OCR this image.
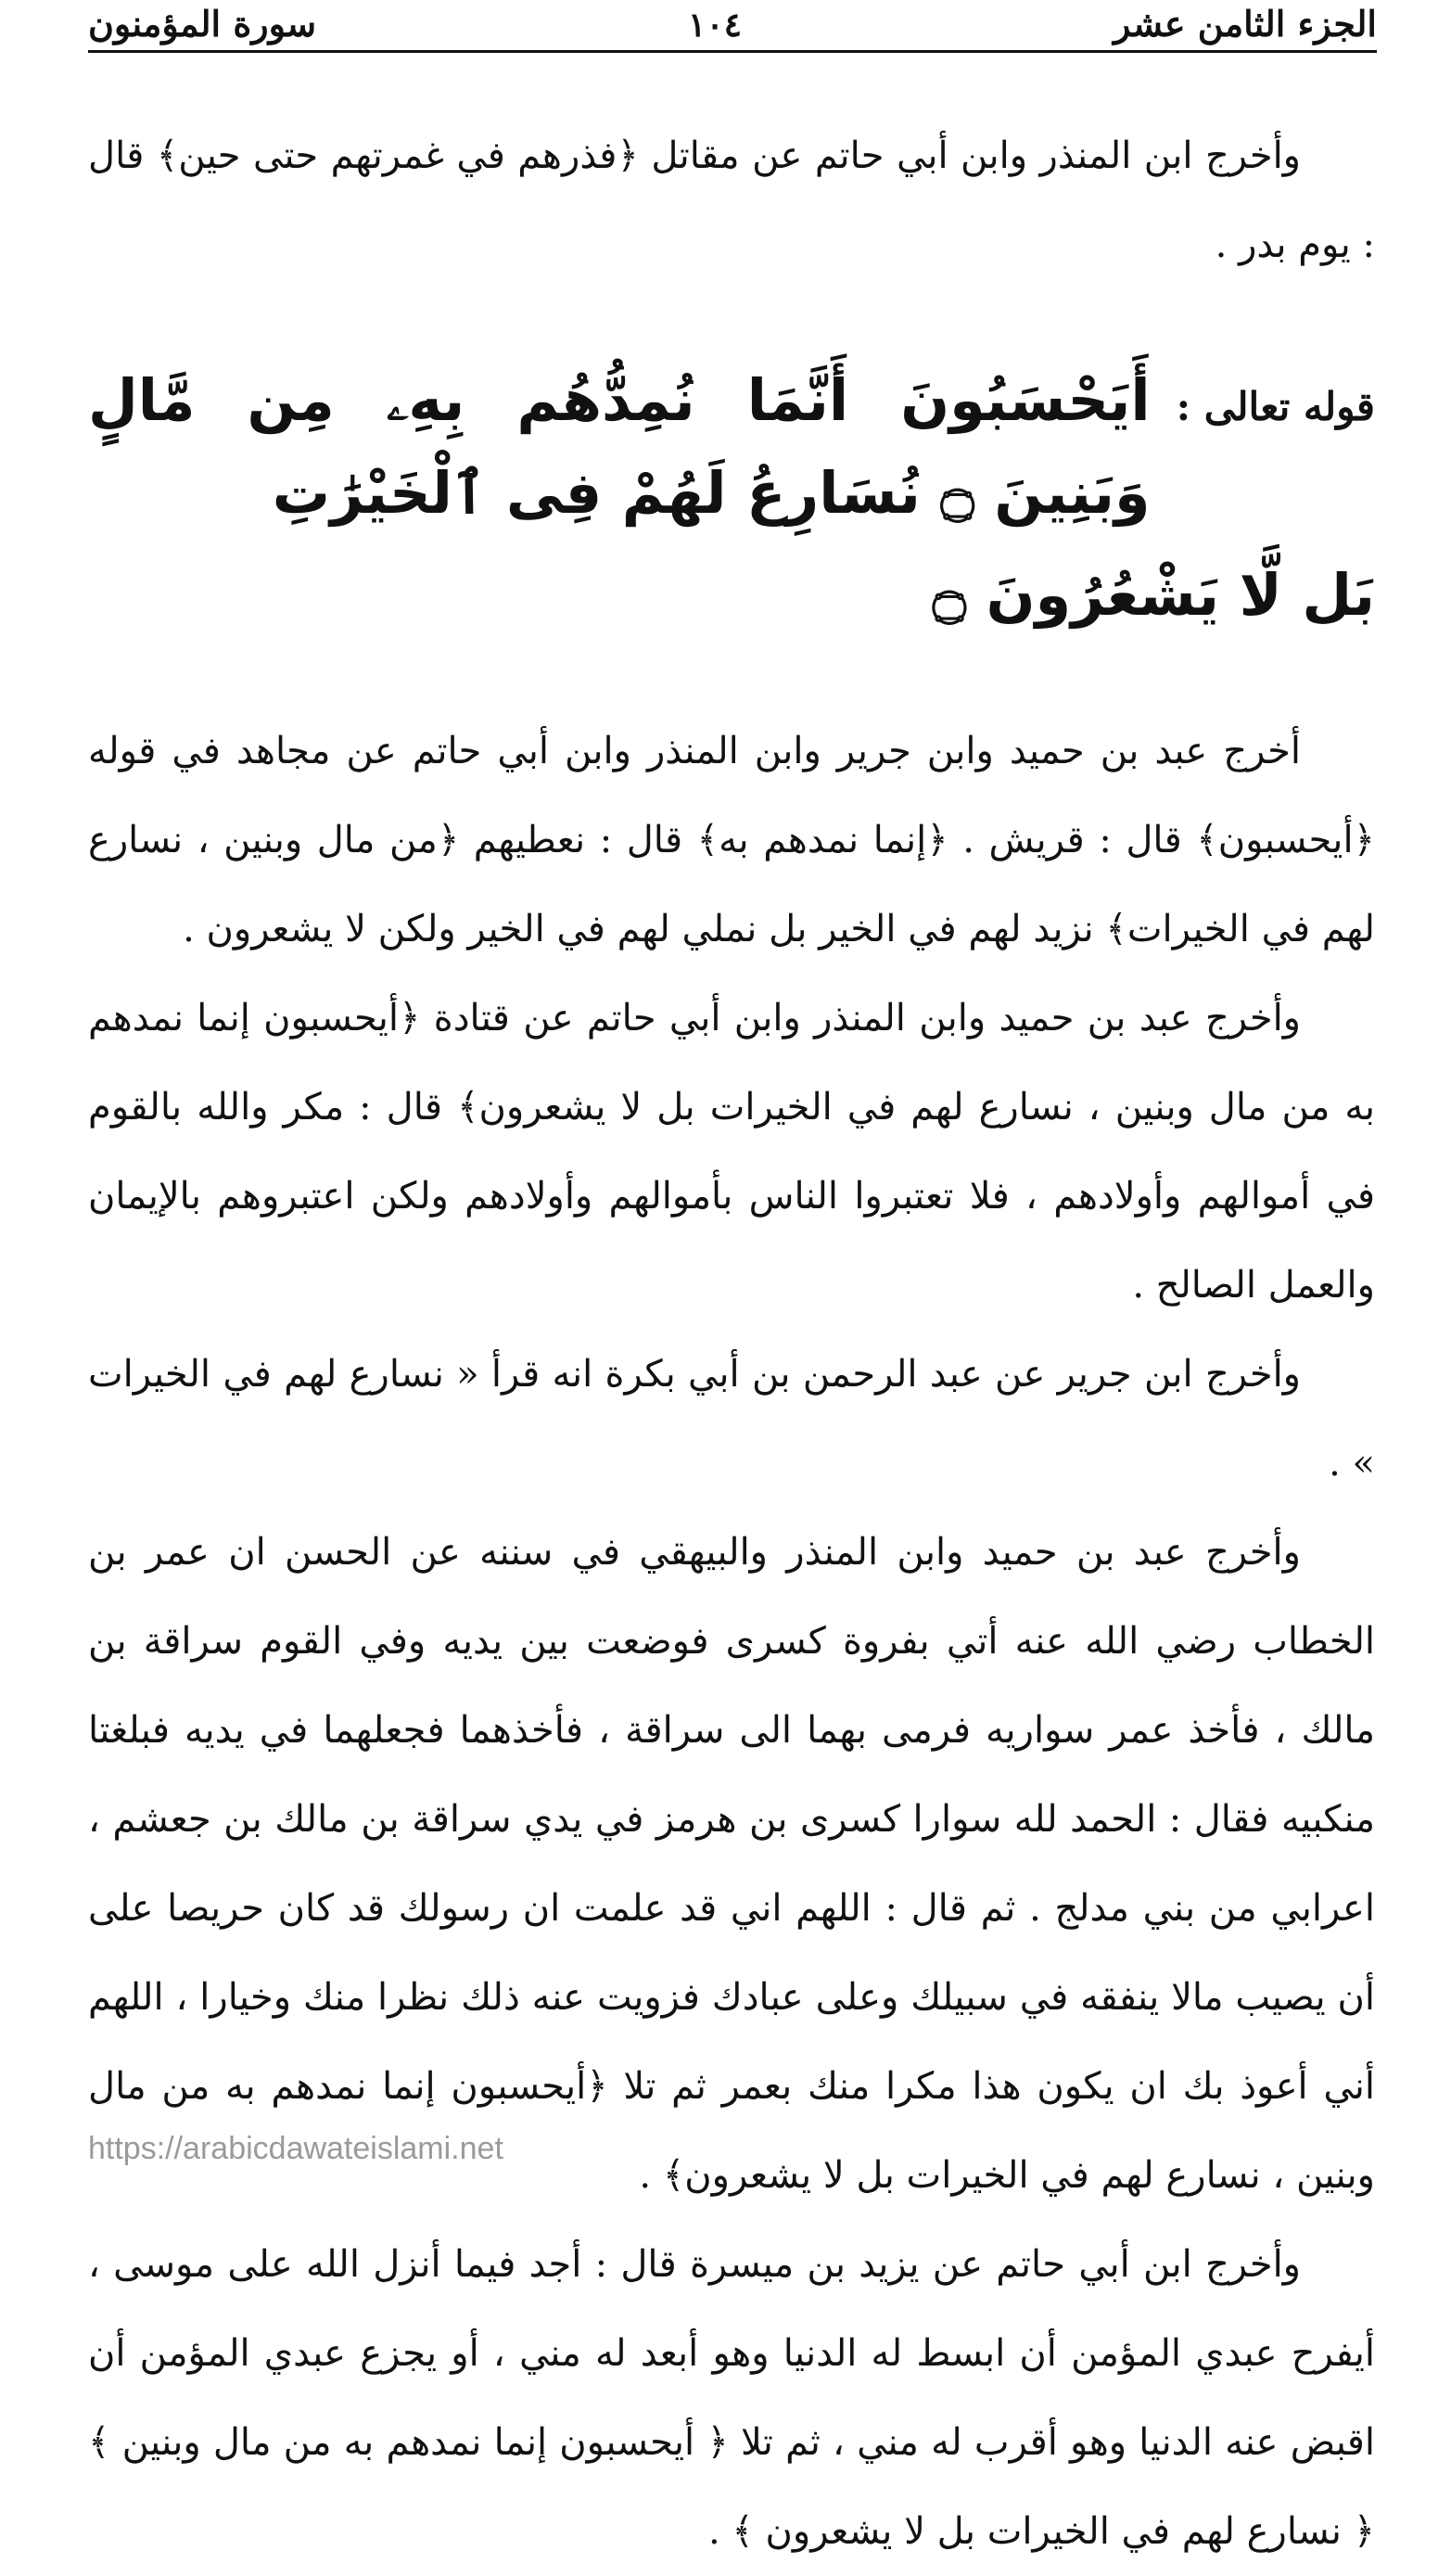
الجزء الثامن عشر
١٠٤
سورة المؤمنون

وأخرج ابن المنذر وابن أبي حاتم عن مقاتل ﴿فذرهم في غمرتهم حتى حين﴾ قال : يوم بدر .

قوله تعالى :
أَيَحْسَبُونَ أَنَّمَا نُمِدُّهُم بِهِۦ مِن مَّالٍ وَبَنِينَ ۝ نُسَارِعُ لَهُمْ فِى ٱلْخَيْرَٰتِ
بَل لَّا يَشْعُرُونَ ۝

أخرج عبد بن حميد وابن جرير وابن المنذر وابن أبي حاتم عن مجاهد في قوله ﴿أيحسبون﴾ قال : قريش . ﴿إنما نمدهم به﴾ قال : نعطيهم ﴿من مال وبنين ، نسارع لهم في الخيرات﴾ نزيد لهم في الخير بل نملي لهم في الخير ولكن لا يشعرون .

وأخرج عبد بن حميد وابن المنذر وابن أبي حاتم عن قتادة ﴿أيحسبون إنما نمدهم به من مال وبنين ، نسارع لهم في الخيرات بل لا يشعرون﴾ قال : مكر والله بالقوم في أموالهم وأولادهم ، فلا تعتبروا الناس بأموالهم وأولادهم ولكن اعتبروهم بالإيمان والعمل الصالح .

وأخرج ابن جرير عن عبد الرحمن بن أبي بكرة انه قرأ « نسارع لهم في الخيرات » .

وأخرج عبد بن حميد وابن المنذر والبيهقي في سننه عن الحسن ان عمر بن الخطاب رضي الله عنه أتي بفروة كسرى فوضعت بين يديه وفي القوم سراقة بن مالك ، فأخذ عمر سواريه فرمى بهما الى سراقة ، فأخذهما فجعلهما في يديه فبلغتا منكبيه فقال : الحمد لله سوارا كسرى بن هرمز في يدي سراقة بن مالك بن جعشم ، اعرابي من بني مدلج . ثم قال : اللهم اني قد علمت ان رسولك قد كان حريصا على أن يصيب مالا ينفقه في سبيلك وعلى عبادك فزويت عنه ذلك نظرا منك وخيارا ، اللهم أني أعوذ بك ان يكون هذا مكرا منك بعمر ثم تلا ﴿أيحسبون إنما نمدهم به من مال وبنين ، نسارع لهم في الخيرات بل لا يشعرون﴾ .

وأخرج ابن أبي حاتم عن يزيد بن ميسرة قال : أجد فيما أنزل الله على موسى ، أيفرح عبدي المؤمن أن ابسط له الدنيا وهو أبعد له مني ، أو يجزع عبدي المؤمن أن اقبض عنه الدنيا وهو أقرب له مني ، ثم تلا ﴿ أيحسبون إنما نمدهم به من مال وبنين ﴾ ﴿ نسارع لهم في الخيرات بل لا يشعرون ﴾ .

https://arabicdawateislami.net
